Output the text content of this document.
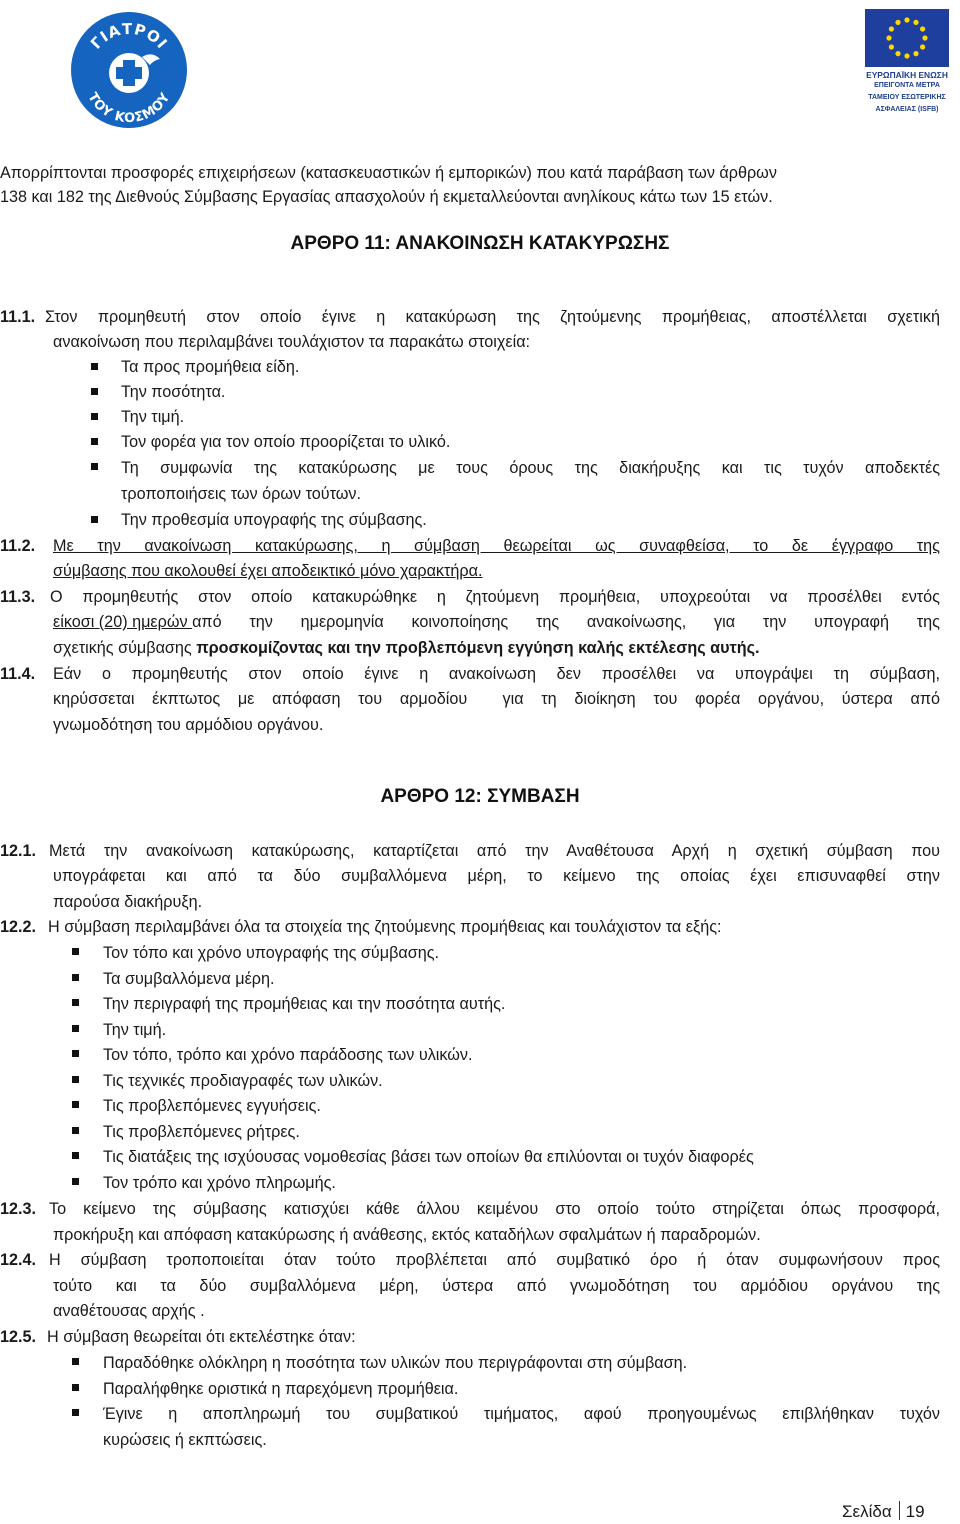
ΓΙΑΤΡΟΙ
ΤΟΥ ΚΟΣΜΟΥ
ΕΥΡΩΠΑΪΚΗ ΕΝΩΣΗ
ΕΠΕΙΓΟΝΤΑ ΜΕΤΡΑ
ΤΑΜΕΙΟΥ ΕΣΩΤΕΡΙΚΗΣ
ΑΣΦΑΛΕΙΑΣ (ISFB)
Απορρίπτονται προσφορές επιχειρήσεων (κατασκευαστικών ή εμπορικών) που κατά παράβαση των άρθρων
138 και 182 της Διεθνούς Σύμβασης Εργασίας απασχολούν ή εκμεταλλεύονται ανηλίκους κάτω των 15 ετών.
ΑΡΘΡΟ 11: ΑΝΑΚΟΙΝΩΣΗ ΚΑΤΑΚΥΡΩΣΗΣ
11.1. Στον προμηθευτή στον οποίο έγινε η κατακύρωση της ζητούμενης προμήθειας, αποστέλλεται σχετική
ανακοίνωση που περιλαμβάνει τουλάχιστον τα παρακάτω στοιχεία:
Τα προς προμήθεια είδη.
Την ποσότητα.
Την τιμή.
Τον φορέα για τον οποίο προορίζεται το υλικό.
Τη συμφωνία της κατακύρωσης με τους όρους της διακήρυξης και τις τυχόν αποδεκτές
τροποποιήσεις των όρων τούτων.
Την προθεσμία υπογραφής της σύμβασης.
11.2.	Με την ανακοίνωση κατακύρωσης, η σύμβαση θεωρείται ως συναφθείσα, το δε έγγραφο της
σύμβασης που ακολουθεί έχει αποδεικτικό μόνο χαρακτήρα.
11.3. Ο προμηθευτής στον οποίο κατακυρώθηκε η ζητούμενη προμήθεια, υποχρεούται να προσέλθει εντός
είκοσι (20) ημερών από την ημερομηνία κοινοποίησης της ανακοίνωσης, για την υπογραφή της
σχετικής σύμβασης προσκομίζοντας και την προβλεπόμενη εγγύηση καλής εκτέλεσης αυτής.
11.4.	Εάν ο προμηθευτής στον οποίο έγινε η ανακοίνωση δεν προσέλθει να υπογράψει τη σύμβαση,
κηρύσσεται έκπτωτος με απόφαση του αρμοδίου  για τη διοίκηση του φορέα οργάνου, ύστερα από
γνωμοδότηση του αρμόδιου οργάνου.
ΑΡΘΡΟ 12: ΣΥΜΒΑΣΗ
12.1. Μετά την ανακοίνωση κατακύρωσης, καταρτίζεται από την Αναθέτουσα Αρχή η σχετική σύμβαση που
υπογράφεται και από τα δύο συμβαλλόμενα μέρη, το κείμενο της οποίας έχει επισυναφθεί στην
παρούσα διακήρυξη.
12.2. Η σύμβαση περιλαμβάνει όλα τα στοιχεία της ζητούμενης προμήθειας και τουλάχιστον τα εξής:
Τον τόπο και χρόνο υπογραφής της σύμβασης.
Τα συμβαλλόμενα μέρη.
Την περιγραφή της προμήθειας και την ποσότητα αυτής.
Την τιμή.
Τον τόπο, τρόπο και χρόνο παράδοσης των υλικών.
Τις τεχνικές προδιαγραφές των υλικών.
Τις προβλεπόμενες εγγυήσεις.
Τις προβλεπόμενες ρήτρες.
Τις διατάξεις της ισχύουσας νομοθεσίας βάσει των οποίων θα επιλύονται οι τυχόν διαφορές
Τον τρόπο και χρόνο πληρωμής.
12.3. Το κείμενο της σύμβασης κατισχύει κάθε άλλου κειμένου στο οποίο τούτο στηρίζεται όπως προσφορά,
προκήρυξη και απόφαση κατακύρωσης ή ανάθεσης, εκτός καταδήλων σφαλμάτων ή παραδρομών.
12.4. Η σύμβαση τροποποιείται όταν τούτο προβλέπεται από συμβατικό όρο ή όταν συμφωνήσουν προς
τούτο και τα δύο συμβαλλόμενα μέρη, ύστερα από γνωμοδότηση του αρμόδιου οργάνου της
αναθέτουσας αρχής .
12.5. Η σύμβαση θεωρείται ότι εκτελέστηκε όταν:
Παραδόθηκε ολόκληρη η ποσότητα των υλικών που περιγράφονται στη σύμβαση.
Παραλήφθηκε οριστικά η παρεχόμενη προμήθεια.
Έγινε η αποπληρωμή του συμβατικού τιμήματος, αφού προηγουμένως επιβλήθηκαν τυχόν
κυρώσεις ή εκπτώσεις.
Σελίδα 19
